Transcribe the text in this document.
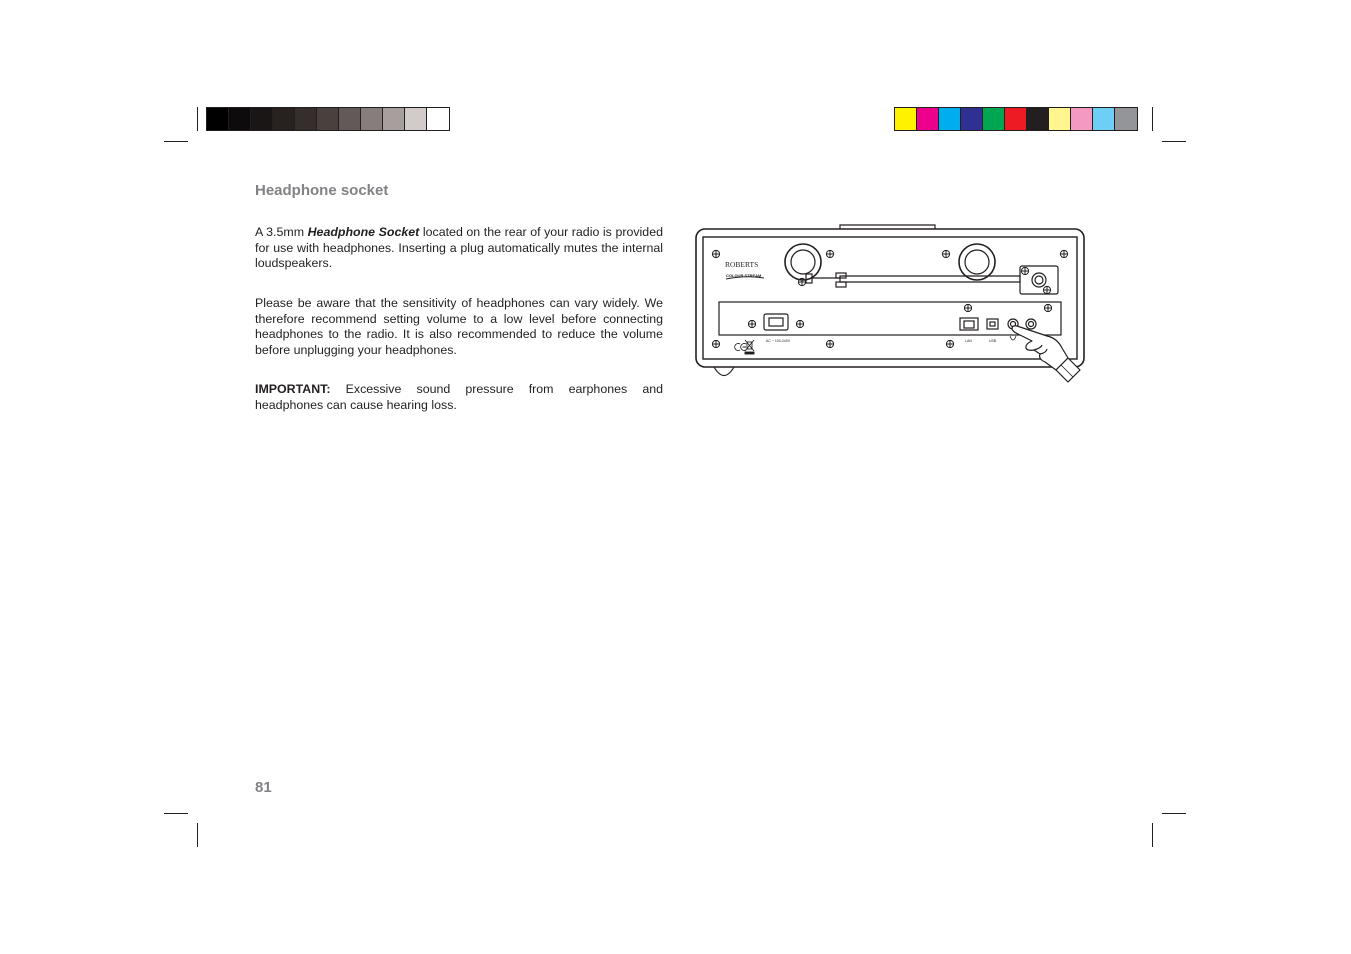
Headphone socket

A 3.5mm Headphone Socket located on the rear of your radio is provided for use with headphones. Inserting a plug automatically mutes the internal loudspeakers.

Please be aware that the sensitivity of headphones can vary widely. We therefore recommend setting volume to a low level before connecting headphones to the radio. It is also recommended to reduce the volume before unplugging your headphones.

IMPORTANT: Excessive sound pressure from earphones and headphones can cause hearing loss.

ROBERTS
COLOUR STREAM
AC ~ 100-240V	LAN	USB
81
